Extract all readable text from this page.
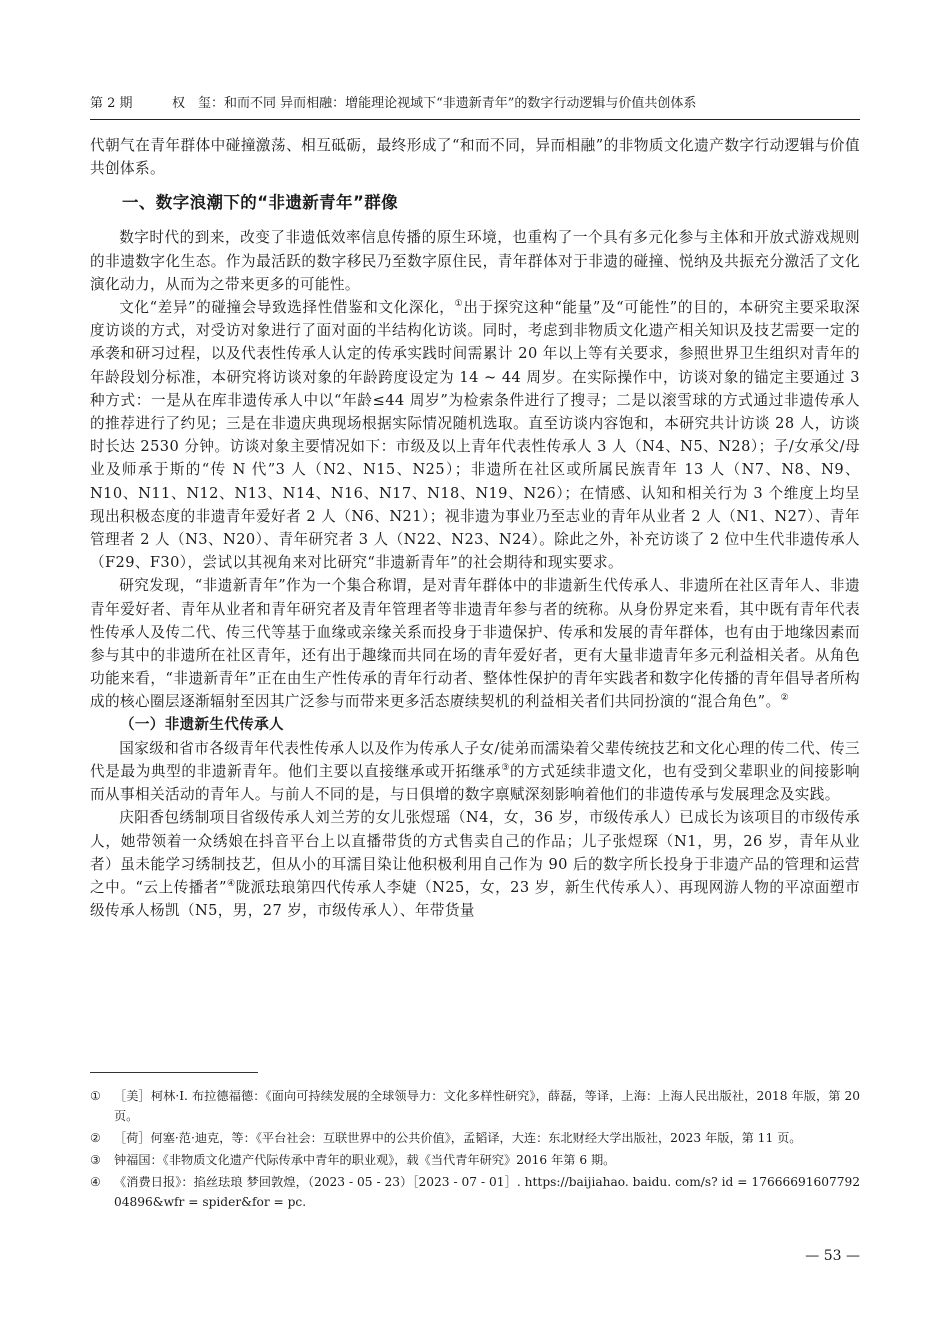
第 2 期	权　玺：和而不同 异而相融：增能理论视域下“非遗新青年”的数字行动逻辑与价值共创体系

代朝气在青年群体中碰撞激荡、相互砥砺，最终形成了“和而不同，异而相融”的非物质文化遗产数字行动逻辑与价值共创体系。

一、数字浪潮下的“非遗新青年”群像

数字时代的到来，改变了非遗低效率信息传播的原生环境，也重构了一个具有多元化参与主体和开放式游戏规则的非遗数字化生态。作为最活跃的数字移民乃至数字原住民，青年群体对于非遗的碰撞、悦纳及共振充分激活了文化演化动力，从而为之带来更多的可能性。

文化“差异”的碰撞会导致选择性借鉴和文化深化，①出于探究这种“能量”及“可能性”的目的，本研究主要采取深度访谈的方式，对受访对象进行了面对面的半结构化访谈。同时，考虑到非物质文化遗产相关知识及技艺需要一定的承袭和研习过程，以及代表性传承人认定的传承实践时间需累计 20 年以上等有关要求，参照世界卫生组织对青年的年龄段划分标准，本研究将访谈对象的年龄跨度设定为 14 ~ 44 周岁。在实际操作中，访谈对象的锚定主要通过 3 种方式：一是从在库非遗传承人中以“年龄≤44 周岁”为检索条件进行了搜寻；二是以滚雪球的方式通过非遗传承人的推荐进行了约见；三是在非遗庆典现场根据实际情况随机选取。直至访谈内容饱和，本研究共计访谈 28 人，访谈时长达 2530 分钟。访谈对象主要情况如下：市级及以上青年代表性传承人 3 人（N4、N5、N28）；子/女承父/母业及师承于斯的“传 N 代”3 人（N2、N15、N25）；非遗所在社区或所属民族青年 13 人（N7、N8、N9、N10、N11、N12、N13、N14、N16、N17、N18、N19、N26）；在情感、认知和相关行为 3 个维度上均呈现出积极态度的非遗青年爱好者 2 人（N6、N21）；视非遗为事业乃至志业的青年从业者 2 人（N1、N27）、青年管理者 2 人（N3、N20）、青年研究者 3 人（N22、N23、N24）。除此之外，补充访谈了 2 位中生代非遗传承人（F29、F30），尝试以其视角来对比研究“非遗新青年”的社会期待和现实要求。

研究发现，“非遗新青年”作为一个集合称谓，是对青年群体中的非遗新生代传承人、非遗所在社区青年人、非遗青年爱好者、青年从业者和青年研究者及青年管理者等非遗青年参与者的统称。从身份界定来看，其中既有青年代表性传承人及传二代、传三代等基于血缘或亲缘关系而投身于非遗保护、传承和发展的青年群体，也有由于地缘因素而参与其中的非遗所在社区青年，还有出于趣缘而共同在场的青年爱好者，更有大量非遗青年多元利益相关者。从角色功能来看，“非遗新青年”正在由生产性传承的青年行动者、整体性保护的青年实践者和数字化传播的青年倡导者所构成的核心圈层逐渐辐射至因其广泛参与而带来更多活态赓续契机的利益相关者们共同扮演的“混合角色”。②

（一）非遗新生代传承人

国家级和省市各级青年代表性传承人以及作为传承人子女/徒弟而濡染着父辈传统技艺和文化心理的传二代、传三代是最为典型的非遗新青年。他们主要以直接继承或开拓继承③的方式延续非遗文化，也有受到父辈职业的间接影响而从事相关活动的青年人。与前人不同的是，与日俱增的数字禀赋深刻影响着他们的非遗传承与发展理念及实践。

庆阳香包绣制项目省级传承人刘兰芳的女儿张煜瑶（N4，女，36 岁，市级传承人）已成长为该项目的市级传承人，她带领着一众绣娘在抖音平台上以直播带货的方式售卖自己的作品；儿子张煜琛（N1，男，26 岁，青年从业者）虽未能学习绣制技艺，但从小的耳濡目染让他积极利用自己作为 90 后的数字所长投身于非遗产品的管理和运营之中。“云上传播者”④陇派珐琅第四代传承人李婕（N25，女，23 岁，新生代传承人）、再现网游人物的平凉面塑市级传承人杨凯（N5，男，27 岁，市级传承人）、年带货量

①	［美］柯林·I. 布拉德福德：《面向可持续发展的全球领导力：文化多样性研究》，薛磊，等译，上海：上海人民出版社，2018 年版，第 20 页。
②	［荷］何塞·范·迪克，等：《平台社会：互联世界中的公共价值》，孟韬译，大连：东北财经大学出版社，2023 年版，第 11 页。
③	钟福国：《非物质文化遗产代际传承中青年的职业观》，载《当代青年研究》2016 年第 6 期。
④	《消费日报》：掐丝珐琅 梦回敦煌，（2023 - 05 - 23）［2023 - 07 - 01］. https://baijiahao. baidu. com/s? id = 1766669160779204896&wfr = spider&for = pc.
— 53 —
